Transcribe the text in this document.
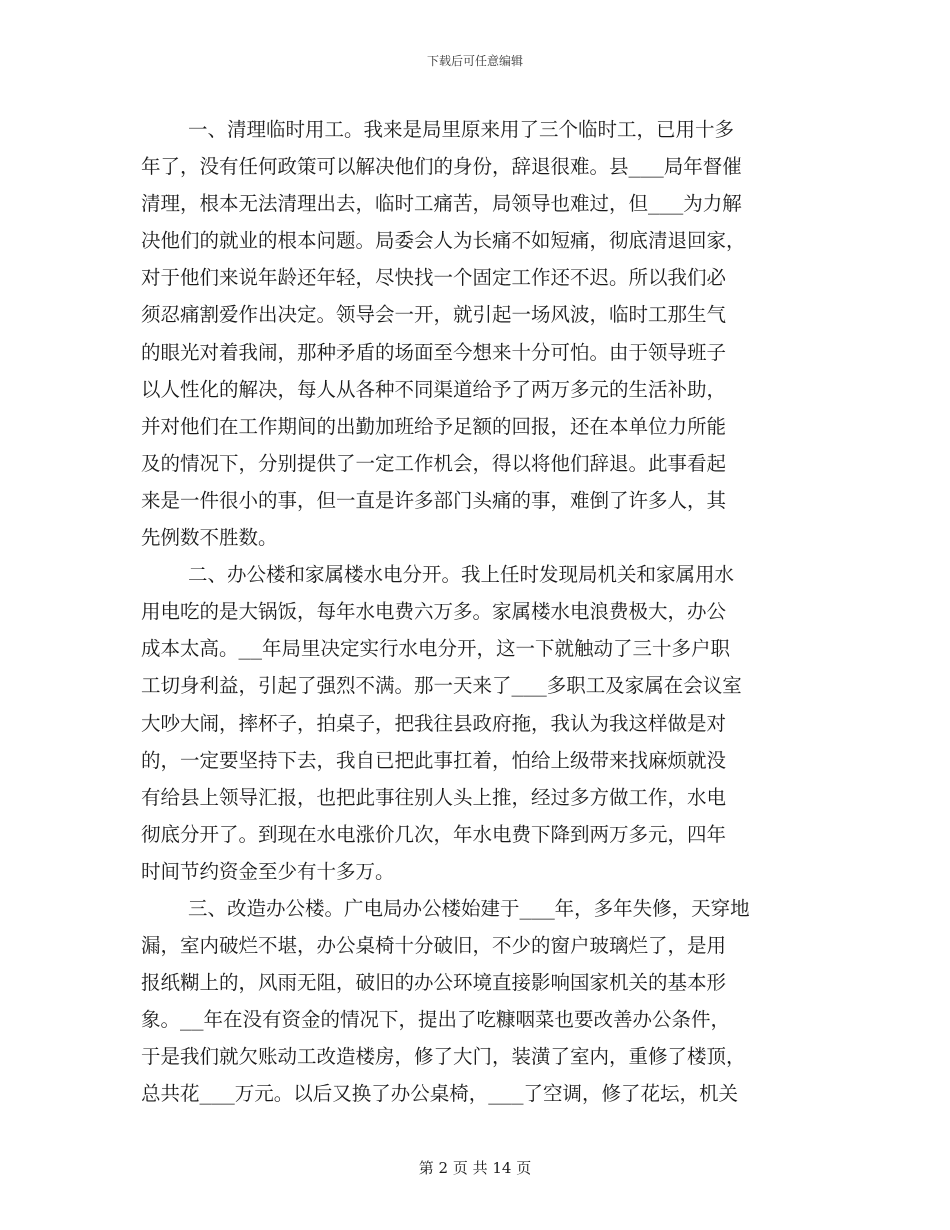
下载后可任意编辑
一、清理临时用工。我来是局里原来用了三个临时工，已用十多
年了，没有任何政策可以解决他们的身份，辞退很难。县___局年督催
清理，根本无法清理出去，临时工痛苦，局领导也难过，但___为力解
决他们的就业的根本问题。局委会人为长痛不如短痛，彻底清退回家，
对于他们来说年龄还年轻，尽快找一个固定工作还不迟。所以我们必
须忍痛割爱作出决定。领导会一开，就引起一场风波，临时工那生气
的眼光对着我闹，那种矛盾的场面至今想来十分可怕。由于领导班子
以人性化的解决，每人从各种不同渠道给予了两万多元的生活补助，
并对他们在工作期间的出勤加班给予足额的回报，还在本单位力所能
及的情况下，分别提供了一定工作机会，得以将他们辞退。此事看起
来是一件很小的事，但一直是许多部门头痛的事，难倒了许多人，其
先例数不胜数。
二、办公楼和家属楼水电分开。我上任时发现局机关和家属用水
用电吃的是大锅饭，每年水电费六万多。家属楼水电浪费极大，办公
成本太高。__年局里决定实行水电分开，这一下就触动了三十多户职
工切身利益，引起了强烈不满。那一天来了___多职工及家属在会议室
大吵大闹，摔杯子，拍桌子，把我往县政府拖，我认为我这样做是对
的，一定要坚持下去，我自已把此事扛着，怕给上级带来找麻烦就没
有给县上领导汇报，也把此事往别人头上推，经过多方做工作，水电
彻底分开了。到现在水电涨价几次，年水电费下降到两万多元，四年
时间节约资金至少有十多万。
三、改造办公楼。广电局办公楼始建于___年，多年失修，天穿地
漏，室内破烂不堪，办公桌椅十分破旧，不少的窗户玻璃烂了，是用
报纸糊上的，风雨无阻，破旧的办公环境直接影响国家机关的基本形
象。__年在没有资金的情况下，提出了吃糠咽菜也要改善办公条件，
于是我们就欠账动工改造楼房，修了大门，装潢了室内，重修了楼顶，
总共花___万元。以后又换了办公桌椅，___了空调，修了花坛，机关
第 2 页 共 14 页
